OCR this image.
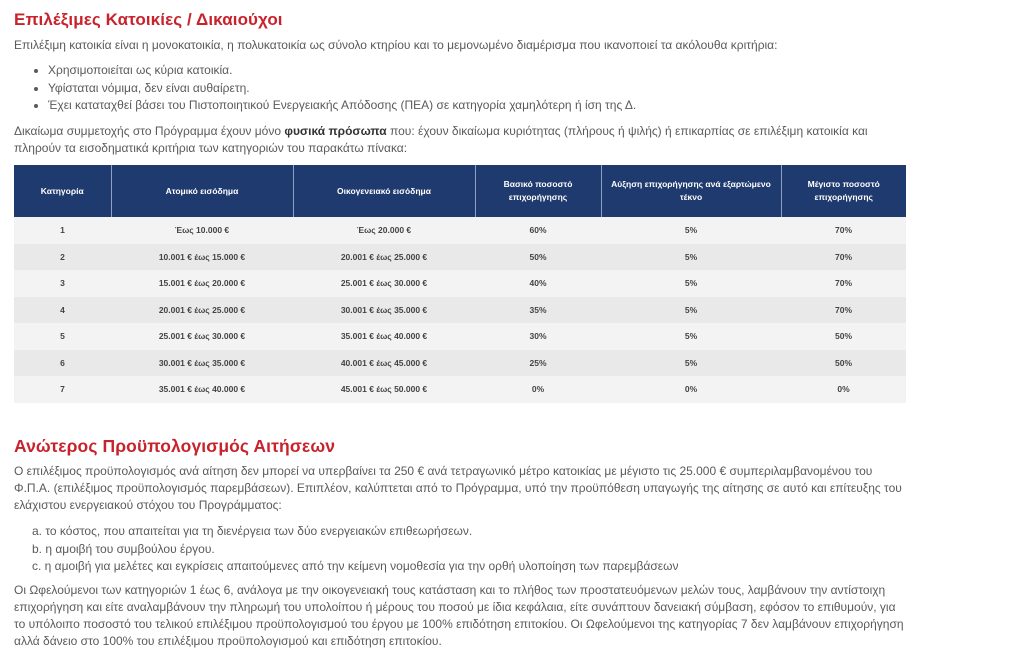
Επιλέξιμες Κατοικίες / Δικαιούχοι

Επιλέξιμη κατοικία είναι η μονοκατοικία, η πολυκατοικία ως σύνολο κτηρίου και το μεμονωμένο διαμέρισμα που ικανοποιεί τα ακόλουθα κριτήρια:

• Χρησιμοποιείται ως κύρια κατοικία.
• Υφίσταται νόμιμα, δεν είναι αυθαίρετη.
• Έχει καταταχθεί βάσει του Πιστοποιητικού Ενεργειακής Απόδοσης (ΠΕΑ) σε κατηγορία χαμηλότερη ή ίση της Δ.

Δικαίωμα συμμετοχής στο Πρόγραμμα έχουν μόνο φυσικά πρόσωπα που: έχουν δικαίωμα κυριότητας (πλήρους ή ψιλής) ή επικαρπίας σε επιλέξιμη κατοικία και πληρούν τα εισοδηματικά κριτήρια των κατηγοριών του παρακάτω πίνακα:

Κατηγορία	Ατομικό εισόδημα	Οικογενειακό εισόδημα	Βασικό ποσοστό επιχορήγησης	Αύξηση επιχορήγησης ανά εξαρτώμενο τέκνο	Μέγιστο ποσοστό επιχορήγησης
1	Έως 10.000 €	Έως 20.000 €	60%	5%	70%
2	10.001 € έως 15.000 €	20.001 € έως 25.000 €	50%	5%	70%
3	15.001 € έως 20.000 €	25.001 € έως 30.000 €	40%	5%	70%
4	20.001 € έως 25.000 €	30.001 € έως 35.000 €	35%	5%	70%
5	25.001 € έως 30.000 €	35.001 € έως 40.000 €	30%	5%	50%
6	30.001 € έως 35.000 €	40.001 € έως 45.000 €	25%	5%	50%
7	35.001 € έως 40.000 €	45.001 € έως 50.000 €	0%	0%	0%
Ανώτερος Προϋπολογισμός Αιτήσεων

Ο επιλέξιμος προϋπολογισμός ανά αίτηση δεν μπορεί να υπερβαίνει τα 250 € ανά τετραγωνικό μέτρο κατοικίας με μέγιστο τις 25.000 € συμπεριλαμβανομένου του Φ.Π.Α. (επιλέξιμος προϋπολογισμός παρεμβάσεων). Επιπλέον, καλύπτεται από το Πρόγραμμα, υπό την προϋπόθεση υπαγωγής της αίτησης σε αυτό και επίτευξης του ελάχιστου ενεργειακού στόχου του Προγράμματος:

a. το κόστος, που απαιτείται για τη διενέργεια των δύο ενεργειακών επιθεωρήσεων.
b. η αμοιβή του συμβούλου έργου.
c. η αμοιβή για μελέτες και εγκρίσεις απαιτούμενες από την κείμενη νομοθεσία για την ορθή υλοποίηση των παρεμβάσεων

Οι Ωφελούμενοι των κατηγοριών 1 έως 6, ανάλογα με την οικογενειακή τους κατάσταση και το πλήθος των προστατευόμενων μελών τους, λαμβάνουν την αντίστοιχη επιχορήγηση και είτε αναλαμβάνουν την πληρωμή του υπολοίπου ή μέρους του ποσού με ίδια κεφάλαια, είτε συνάπτουν δανειακή σύμβαση, εφόσον το επιθυμούν, για το υπόλοιπο ποσοστό του τελικού επιλέξιμου προϋπολογισμού του έργου με 100% επιδότηση επιτοκίου. Οι Ωφελούμενοι της κατηγορίας 7 δεν λαμβάνουν επιχορήγηση αλλά δάνειο στο 100% του επιλέξιμου προϋπολογισμού και επιδότηση επιτοκίου.
